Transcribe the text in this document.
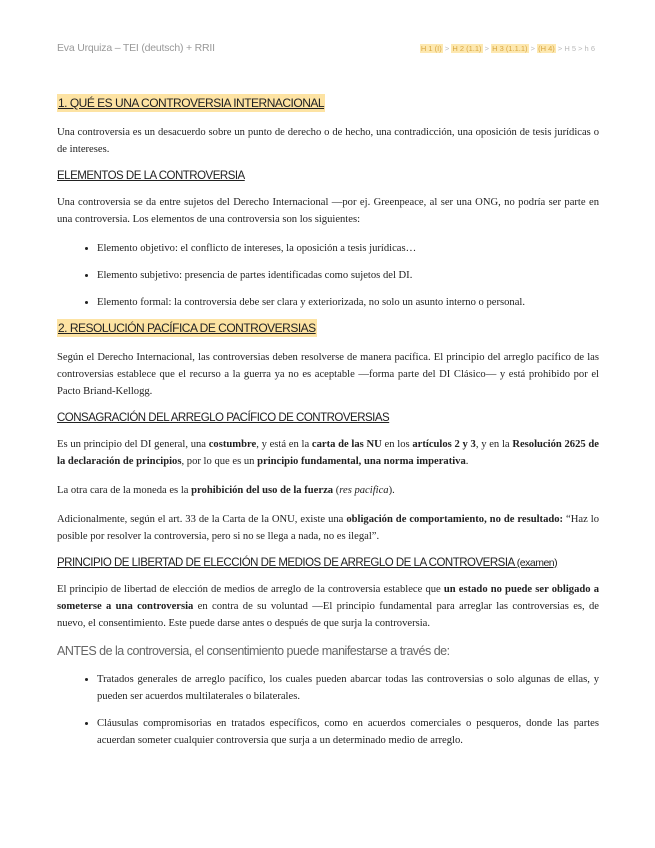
Eva Urquiza – TEI (deutsch) + RRII	H 1 (I) > H 2 (1.1) > H 3 (1.1.1) > (H 4) > H 5 > h 6
1. QUÉ ES UNA CONTROVERSIA INTERNACIONAL

Una controversia es un desacuerdo sobre un punto de derecho o de hecho, una contradicción, una oposición de tesis jurídicas o de intereses.

ELEMENTOS DE LA CONTROVERSIA

Una controversia se da entre sujetos del Derecho Internacional —por ej. Greenpeace, al ser una ONG, no podría ser parte en una controversia. Los elementos de una controversia son los siguientes:

• Elemento objetivo: el conflicto de intereses, la oposición a tesis jurídicas…
• Elemento subjetivo: presencia de partes identificadas como sujetos del DI.
• Elemento formal: la controversia debe ser clara y exteriorizada, no solo un asunto interno o personal.
2. RESOLUCIÓN PACÍFICA DE CONTROVERSIAS

Según el Derecho Internacional, las controversias deben resolverse de manera pacífica. El principio del arreglo pacífico de las controversias establece que el recurso a la guerra ya no es aceptable —forma parte del DI Clásico— y está prohibido por el Pacto Briand-Kellogg.

CONSAGRACIÓN DEL ARREGLO PACÍFICO DE CONTROVERSIAS

Es un principio del DI general, una costumbre, y está en la carta de las NU en los artículos 2 y 3, y en la Resolución 2625 de la declaración de principios, por lo que es un principio fundamental, una norma imperativa.

La otra cara de la moneda es la prohibición del uso de la fuerza (res pacifica).

Adicionalmente, según el art. 33 de la Carta de la ONU, existe una obligación de comportamiento, no de resultado: “Haz lo posible por resolver la controversia, pero si no se llega a nada, no es ilegal”.

PRINCIPIO DE LIBERTAD DE ELECCIÓN DE MEDIOS DE ARREGLO DE LA CONTROVERSIA (examen)

El principio de libertad de elección de medios de arreglo de la controversia establece que un estado no puede ser obligado a someterse a una controversia en contra de su voluntad —El principio fundamental para arreglar las controversias es, de nuevo, el consentimiento. Este puede darse antes o después de que surja la controversia.

ANTES de la controversia, el consentimiento puede manifestarse a través de:
• Tratados generales de arreglo pacífico, los cuales pueden abarcar todas las controversias o solo algunas de ellas, y pueden ser acuerdos multilaterales o bilaterales.
• Cláusulas compromisorias en tratados específicos, como en acuerdos comerciales o pesqueros, donde las partes acuerdan someter cualquier controversia que surja a un determinado medio de arreglo.
